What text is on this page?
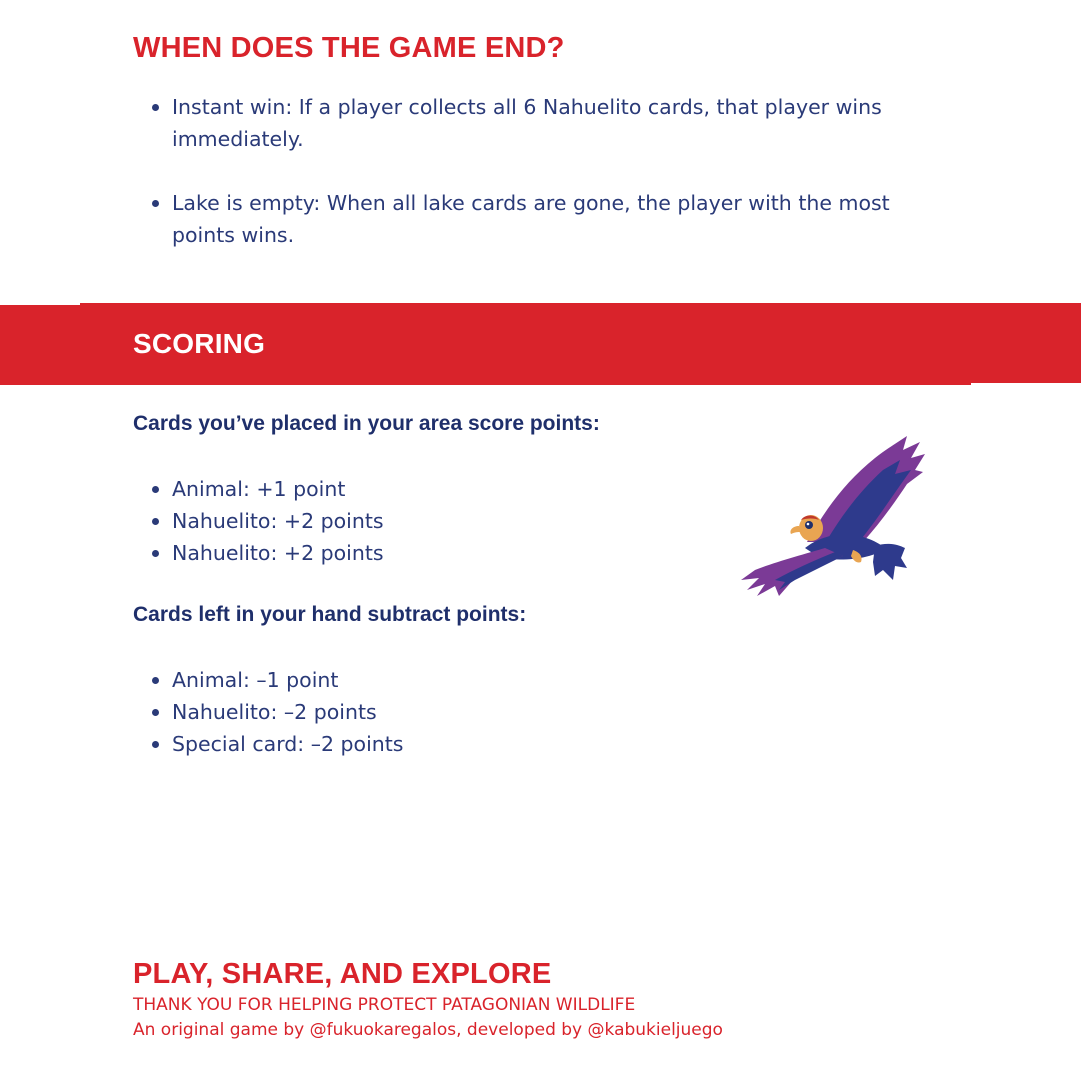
WHEN DOES THE GAME END?
Instant win: If a player collects all 6 Nahuelito cards, that player wins immediately.
Lake is empty: When all lake cards are gone, the player with the most points wins.
SCORING

Cards you’ve placed in your area score points:

Animal: +1 point
Nahuelito: +2 points
Nahuelito: +2 points

Cards left in your hand subtract points:

Animal: –1 point
Nahuelito: –2 points
Special card: –2 points
PLAY, SHARE, AND EXPLORE

THANK YOU FOR HELPING PROTECT PATAGONIAN WILDLIFE

An original game by @fukuokaregalos, developed by @kabukieljuego
